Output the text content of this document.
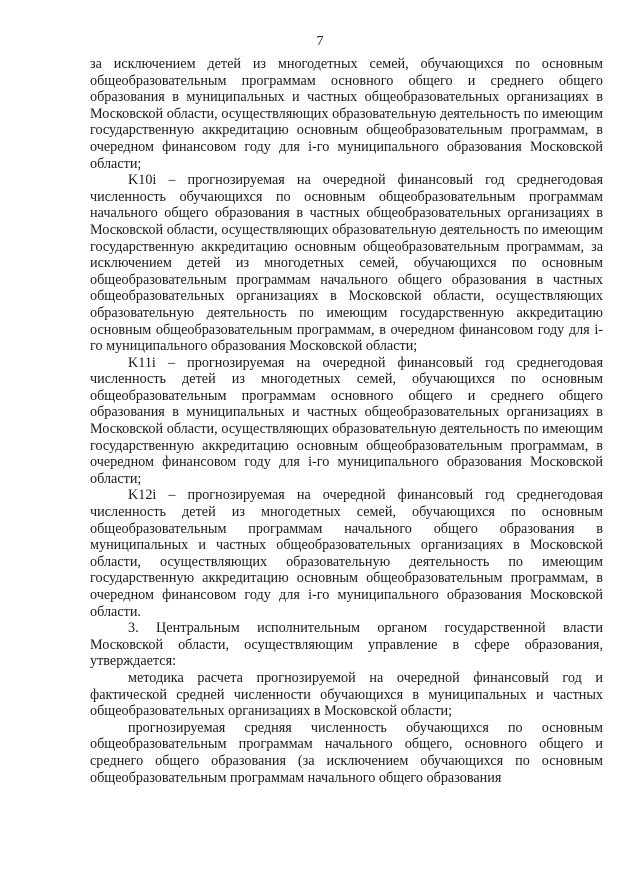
7

за исключением детей из многодетных семей, обучающихся по основным общеобразовательным программам основного общего и среднего общего образования в муниципальных и частных общеобразовательных организациях в Московской области, осуществляющих образовательную деятельность по имеющим государственную аккредитацию основным общеобразовательным программам, в очередном финансовом году для i-го муниципального образования Московской области;

K10i – прогнозируемая на очередной финансовый год среднегодовая численность обучающихся по основным общеобразовательным программам начального общего образования в частных общеобразовательных организациях в Московской области, осуществляющих образовательную деятельность по имеющим государственную аккредитацию основным общеобразовательным программам, за исключением детей из многодетных семей, обучающихся по основным общеобразовательным программам начального общего образования в частных общеобразовательных организациях в Московской области, осуществляющих образовательную деятельность по имеющим государственную аккредитацию основным общеобразовательным программам, в очередном финансовом году для i-го муниципального образования Московской области;

K11i – прогнозируемая на очередной финансовый год среднегодовая численность детей из многодетных семей, обучающихся по основным общеобразовательным программам основного общего и среднего общего образования в муниципальных и частных общеобразовательных организациях в Московской области, осуществляющих образовательную деятельность по имеющим государственную аккредитацию основным общеобразовательным программам, в очередном финансовом году для i-го муниципального образования Московской области;

K12i – прогнозируемая на очередной финансовый год среднегодовая численность детей из многодетных семей, обучающихся по основным общеобразовательным программам начального общего образования в муниципальных и частных общеобразовательных организациях в Московской области, осуществляющих образовательную деятельность по имеющим государственную аккредитацию основным общеобразовательным программам, в очередном финансовом году для i-го муниципального образования Московской области.

3. Центральным исполнительным органом государственной власти Московской области, осуществляющим управление в сфере образования, утверждается:

методика расчета прогнозируемой на очередной финансовый год и фактической средней численности обучающихся в муниципальных и частных общеобразовательных организациях в Московской области;

прогнозируемая средняя численность обучающихся по основным общеобразовательным программам начального общего, основного общего и среднего общего образования (за исключением обучающихся по основным общеобразовательным программам начального общего образования
